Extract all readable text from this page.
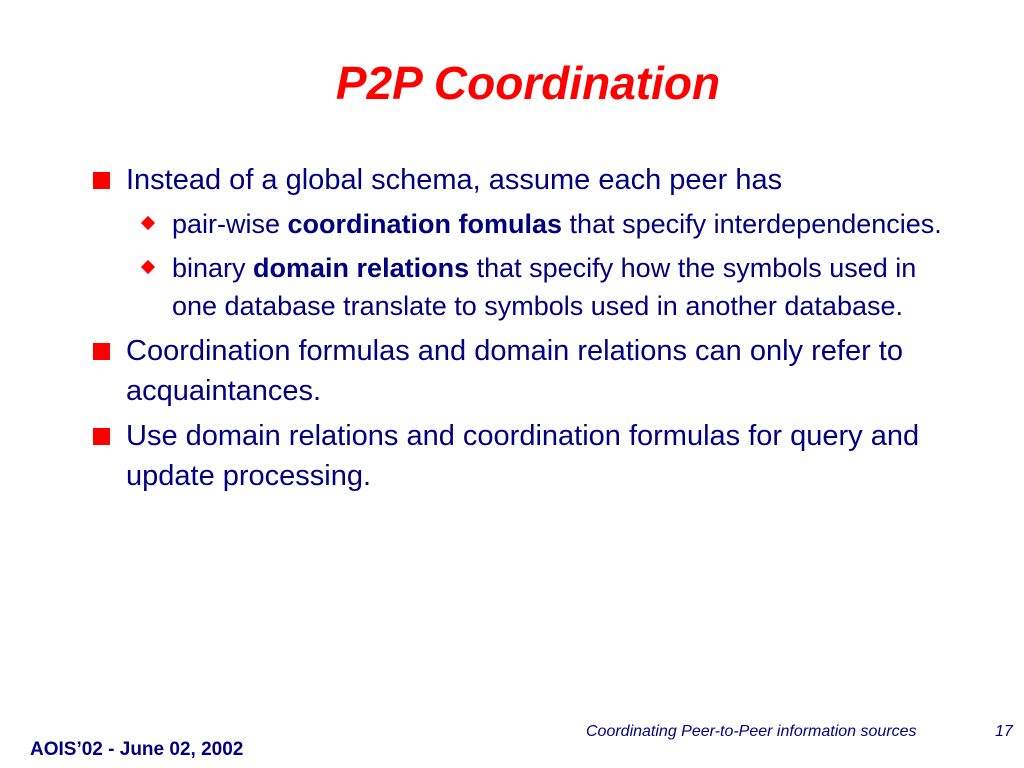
P2P Coordination
Instead of a global schema, assume each peer has
pair-wise coordination fomulas that specify interdependencies.
binary domain relations that specify how the symbols used in one database translate to symbols used in another database.
Coordination formulas and domain relations can only refer to acquaintances.
Use domain relations and coordination formulas for query and update processing.
Coordinating Peer-to-Peer information sources	17
AOIS’02 - June 02, 2002
